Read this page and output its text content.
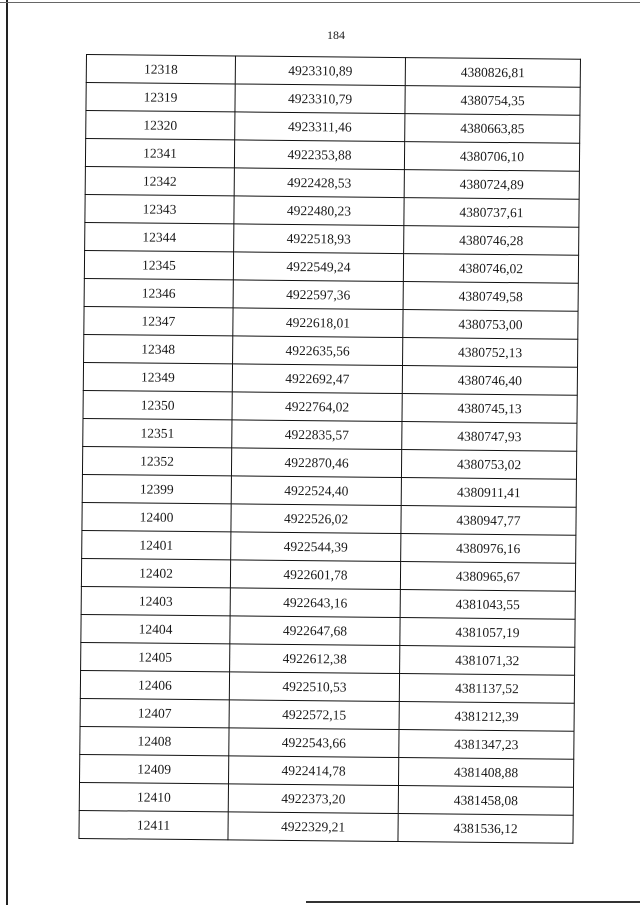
184
12318	4923310,89	4380826,81
12319	4923310,79	4380754,35
12320	4923311,46	4380663,85
12341	4922353,88	4380706,10
12342	4922428,53	4380724,89
12343	4922480,23	4380737,61
12344	4922518,93	4380746,28
12345	4922549,24	4380746,02
12346	4922597,36	4380749,58
12347	4922618,01	4380753,00
12348	4922635,56	4380752,13
12349	4922692,47	4380746,40
12350	4922764,02	4380745,13
12351	4922835,57	4380747,93
12352	4922870,46	4380753,02
12399	4922524,40	4380911,41
12400	4922526,02	4380947,77
12401	4922544,39	4380976,16
12402	4922601,78	4380965,67
12403	4922643,16	4381043,55
12404	4922647,68	4381057,19
12405	4922612,38	4381071,32
12406	4922510,53	4381137,52
12407	4922572,15	4381212,39
12408	4922543,66	4381347,23
12409	4922414,78	4381408,88
12410	4922373,20	4381458,08
12411	4922329,21	4381536,12
